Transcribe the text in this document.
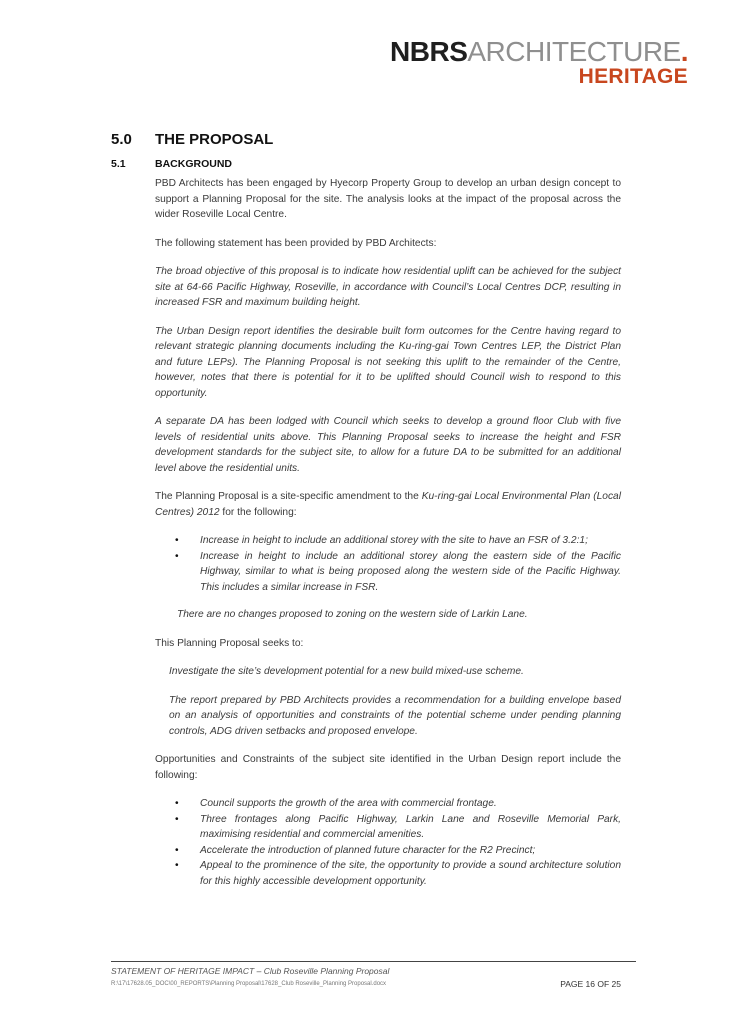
NBRSARCHITECTURE.
HERITAGE
5.0 THE PROPOSAL
5.1	BACKGROUND

PBD Architects has been engaged by Hyecorp Property Group to develop an urban design concept to support a Planning Proposal for the site. The analysis looks at the impact of the proposal across the wider Roseville Local Centre.

The following statement has been provided by PBD Architects:

The broad objective of this proposal is to indicate how residential uplift can be achieved for the subject site at 64-66 Pacific Highway, Roseville, in accordance with Council’s Local Centres DCP, resulting in increased FSR and maximum building height.

The Urban Design report identifies the desirable built form outcomes for the Centre having regard to relevant strategic planning documents including the Ku-ring-gai Town Centres LEP, the District Plan and future LEPs). The Planning Proposal is not seeking this uplift to the remainder of the Centre, however, notes that there is potential for it to be uplifted should Council wish to respond to this opportunity.

A separate DA has been lodged with Council which seeks to develop a ground floor Club with five levels of residential units above. This Planning Proposal seeks to increase the height and FSR development standards for the subject site, to allow for a future DA to be submitted for an additional level above the residential units.

The Planning Proposal is a site-specific amendment to the Ku-ring-gai Local Environmental Plan (Local Centres) 2012 for the following:

• Increase in height to include an additional storey with the site to have an FSR of 3.2:1;
• Increase in height to include an additional storey along the eastern side of the Pacific Highway, similar to what is being proposed along the western side of the Pacific Highway. This includes a similar increase in FSR.

There are no changes proposed to zoning on the western side of Larkin Lane.

This Planning Proposal seeks to:

Investigate the site’s development potential for a new build mixed-use scheme.

The report prepared by PBD Architects provides a recommendation for a building envelope based on an analysis of opportunities and constraints of the potential scheme under pending planning controls, ADG driven setbacks and proposed envelope.

Opportunities and Constraints of the subject site identified in the Urban Design report include the following:

• Council supports the growth of the area with commercial frontage.
• Three frontages along Pacific Highway, Larkin Lane and Roseville Memorial Park, maximising residential and commercial amenities.
• Accelerate the introduction of planned future character for the R2 Precinct;
• Appeal to the prominence of the site, the opportunity to provide a sound architecture solution for this highly accessible development opportunity.
STATEMENT OF HERITAGE IMPACT – Club Roseville Planning Proposal
R:\17\17628.05_DOC\00_REPORTS\Planning Proposal\17628_Club Roseville_Planning Proposal.docx	PAGE 16 OF 25
